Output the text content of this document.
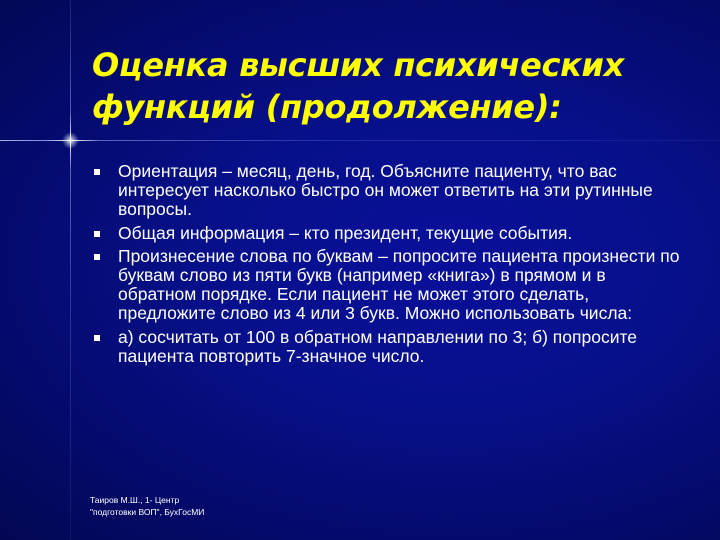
Оценка высших психических
функций (продолжение):
Ориентация – месяц, день, год. Объясните пациенту, что вас интересует насколько быстро он может ответить на эти рутинные вопросы.
Общая информация – кто президент, текущие события.
Произнесение слова по буквам – попросите пациента произнести по буквам слово из пяти букв (например «книга») в прямом и в обратном порядке. Если пациент не может этого сделать, предложите слово из 4 или 3 букв. Можно использовать числа:
а) сосчитать от 100 в обратном направлении по 3; б) попросите пациента повторить 7-значное число.
Таиров М.Ш., 1- Центр
"подготовки ВОП", БухГосМИ
